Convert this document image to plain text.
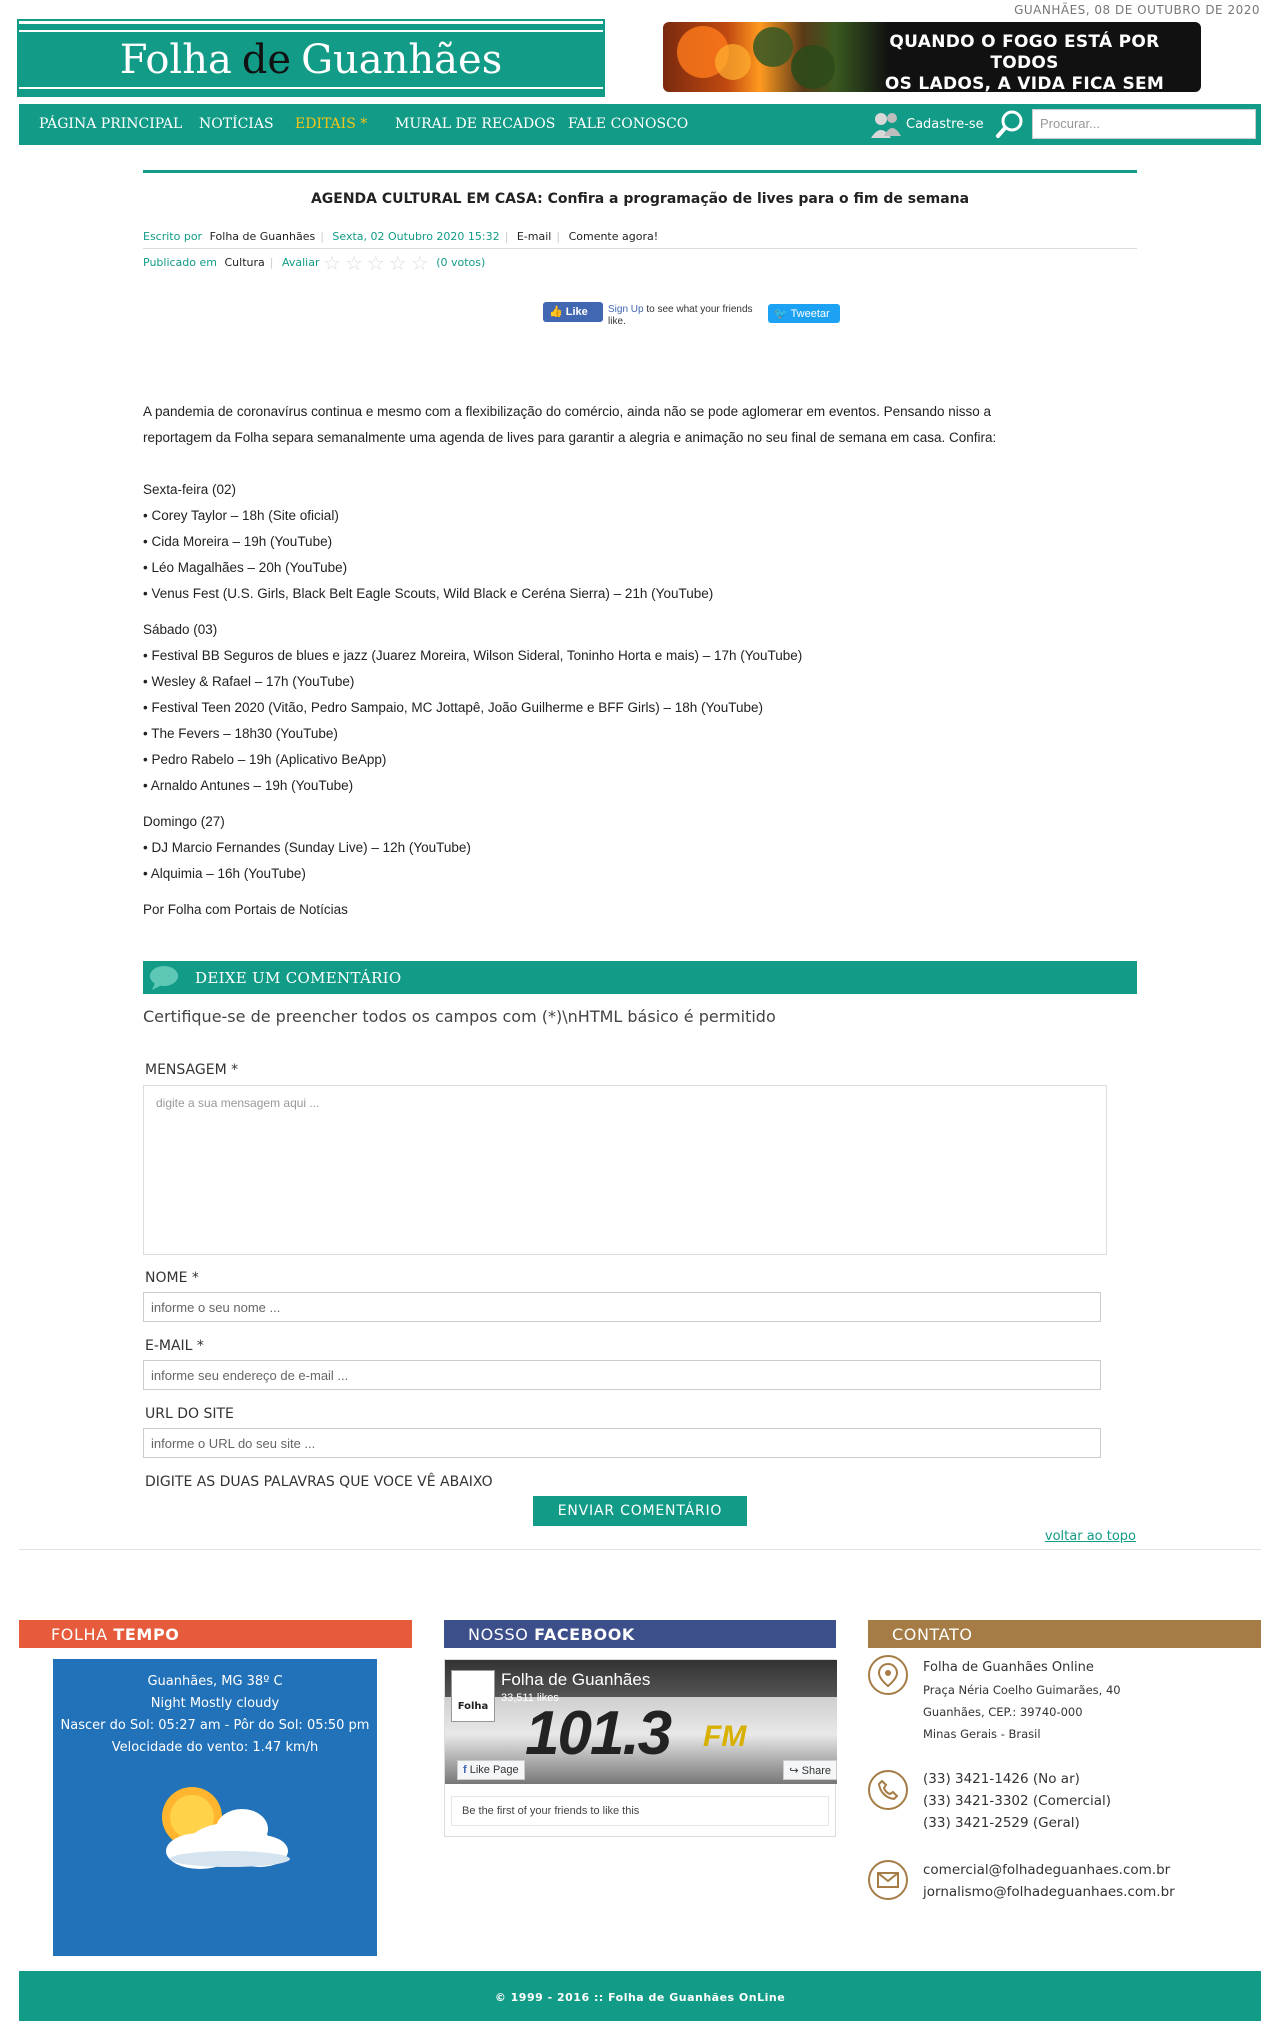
GUANHÃES, 08 DE OUTUBRO DE 2020
Folha de Guanhães	QUANDO O FOGO ESTÁ POR TODOS
OS LADOS, A VIDA FICA SEM
PÁGINA PRINCIPAL NOTÍCIAS EDITAIS * MURAL DE RECADOS FALE CONOSCO	Cadastre-se	Procurar...
AGENDA CULTURAL EM CASA: Confira a programação de lives para o fim de semana
Escrito por Folha de Guanhães | Sexta, 02 Outubro 2020 15:32 | E-mail | Comente agora!
Publicado em Cultura | Avaliar ☆ ☆ ☆ ☆ ☆ (0 votos)
👍 Like	Sign Up to see what your friends like.
🐦 Tweetar

A pandemia de coronavírus continua e mesmo com a flexibilização do comércio, ainda não se pode aglomerar em eventos. Pensando nisso a

reportagem da Folha separa semanalmente uma agenda de lives para garantir a alegria e animação no seu final de semana em casa. Confira:

Sexta-feira (02)

• Corey Taylor – 18h (Site oficial)

• Cida Moreira – 19h (YouTube)

• Léo Magalhães – 20h (YouTube)

• Venus Fest (U.S. Girls, Black Belt Eagle Scouts, Wild Black e Ceréna Sierra) – 21h (YouTube)

Sábado (03)

• Festival BB Seguros de blues e jazz (Juarez Moreira, Wilson Sideral, Toninho Horta e mais) – 17h (YouTube)

• Wesley & Rafael – 17h (YouTube)

• Festival Teen 2020 (Vitão, Pedro Sampaio, MC Jottapê, João Guilherme e BFF Girls) – 18h (YouTube)

• The Fevers – 18h30 (YouTube)

• Pedro Rabelo – 19h (Aplicativo BeApp)

• Arnaldo Antunes – 19h (YouTube)

Domingo (27)

• DJ Marcio Fernandes (Sunday Live) – 12h (YouTube)

• Alquimia – 16h (YouTube)

Por Folha com Portais de Notícias

DEIXE UM COMENTÁRIO
Certifique-se de preencher todos os campos com (*)\nHTML básico é permitido
MENSAGEM *
digite a sua mensagem aqui ...
NOME *
informe o seu nome ...
E-MAIL *
informe seu endereço de e-mail ...
URL DO SITE
informe o URL do seu site ...
DIGITE AS DUAS PALAVRAS QUE VOCE VÊ ABAIXO
ENVIAR COMENTÁRIO
voltar ao topo
FOLHA TEMPO
Guanhães, MG 38º C
Night Mostly cloudy
Nascer do Sol: 05:27 am - Pôr do Sol: 05:50 pm
Velocidade do vento: 1.47 km/h
NOSSO FACEBOOK
101.3 FM
Folha
Folha de Guanhães
33,511 likes
f Like Page	↪ Share
Be the first of your friends to like this
CONTATO
Folha de Guanhães Online
Praça Néria Coelho Guimarães, 40
Guanhães, CEP.: 39740-000
Minas Gerais - Brasil
(33) 3421-1426 (No ar)
(33) 3421-3302 (Comercial)
(33) 3421-2529 (Geral)
comercial@folhadeguanhaes.com.br
jornalismo@folhadeguanhaes.com.br
© 1999 - 2016 :: Folha de Guanhães OnLine
